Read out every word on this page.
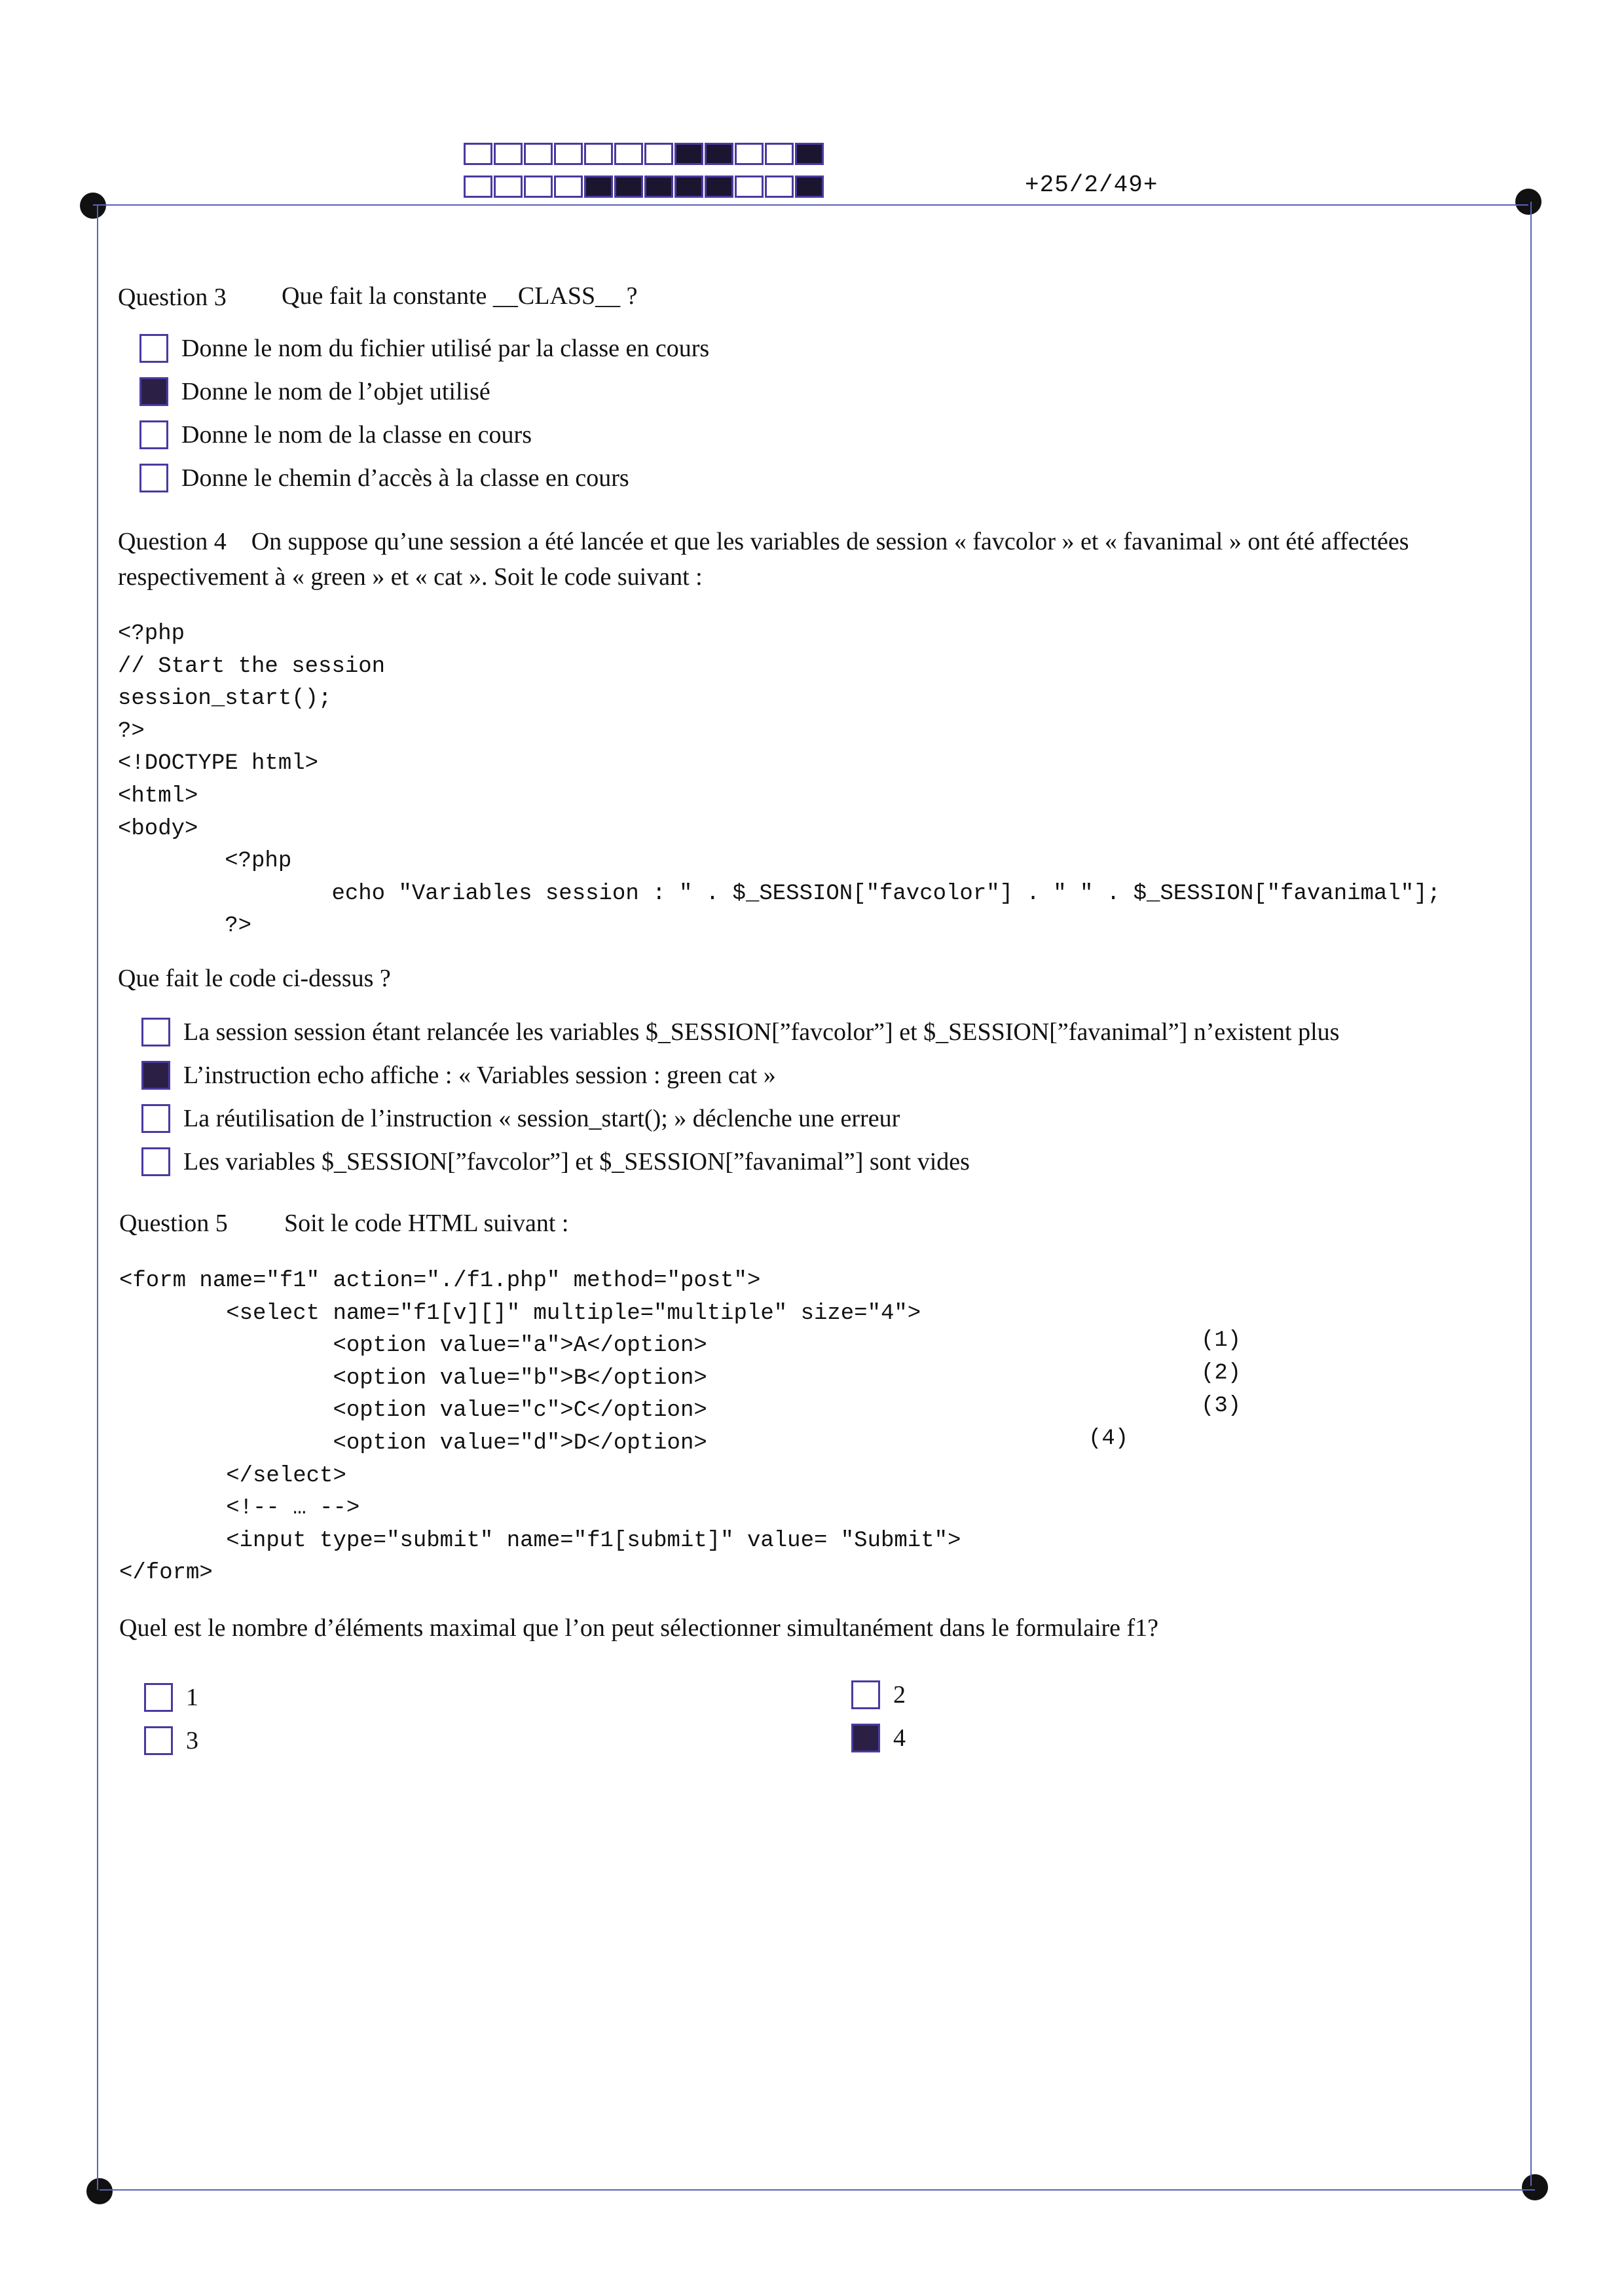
+25/2/49+
Question 3 Que fait la constante __CLASS__ ?
Donne le nom du fichier utilisé par la classe en cours
Donne le nom de l’objet utilisé
Donne le nom de la classe en cours
Donne le chemin d’accès à la classe en cours
Question 4 On suppose qu’une session a été lancée et que les variables de session « favcolor » et « favanimal » ont été affectées respectivement à « green » et « cat ». Soit le code suivant :
<?php
// Start the session
session_start();
?>
<!DOCTYPE html>
<html>
<body>
<?php
echo "Variables session : " . $_SESSION["favcolor"] . " " . $_SESSION["favanimal"];
?>
Que fait le code ci-dessus ?
La session session étant relancée les variables $_SESSION[”favcolor”] et $_SESSION[”favanimal”] n’existent plus
L’instruction echo affiche : « Variables session : green cat »
La réutilisation de l’instruction « session_start(); » déclenche une erreur
Les variables $_SESSION[”favcolor”] et $_SESSION[”favanimal”] sont vides
Question 5 Soit le code HTML suivant :
<form name="f1" action="./f1.php" method="post">
<select name="f1[v][]" multiple="multiple" size="4">
<option value="a">A</option>
<option value="b">B</option>
<option value="c">C</option>
<option value="d">D</option>
</select>
<!-- … -->
<input type="submit" name="f1[submit]" value= "Submit">
</form>
(1)
(2)
(3)
(4)
Quel est le nombre d’éléments maximal que l’on peut sélectionner simultanément dans le formulaire f1?
1	2
3	4
